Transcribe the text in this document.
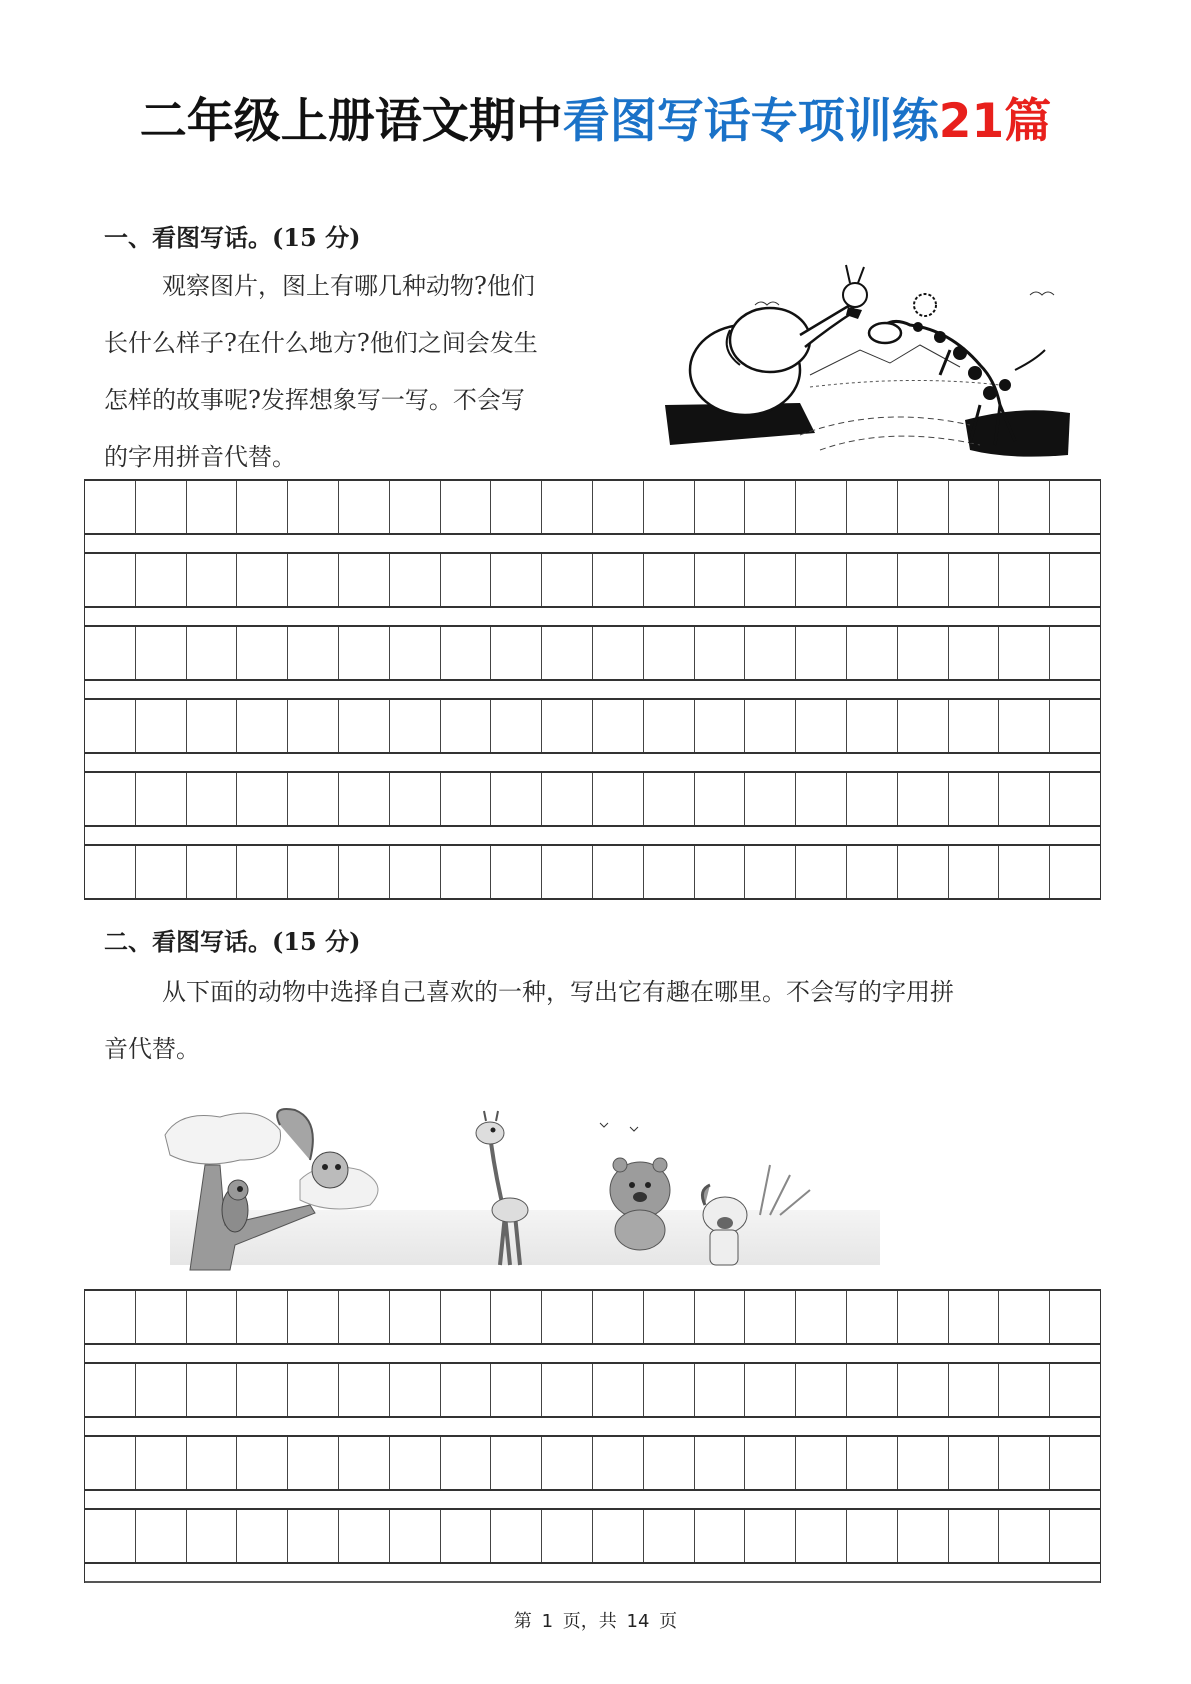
二年级上册语文期中看图写话专项训练21篇
一、看图写话。(15 分)
观察图片，图上有哪几种动物?他们
长什么样子?在什么地方?他们之间会发生
怎样的故事呢?发挥想象写一写。不会写
的字用拼音代替。
二、看图写话。(15 分)
从下面的动物中选择自己喜欢的一种，写出它有趣在哪里。不会写的字用拼
音代替。
第 1 页，共 14 页
